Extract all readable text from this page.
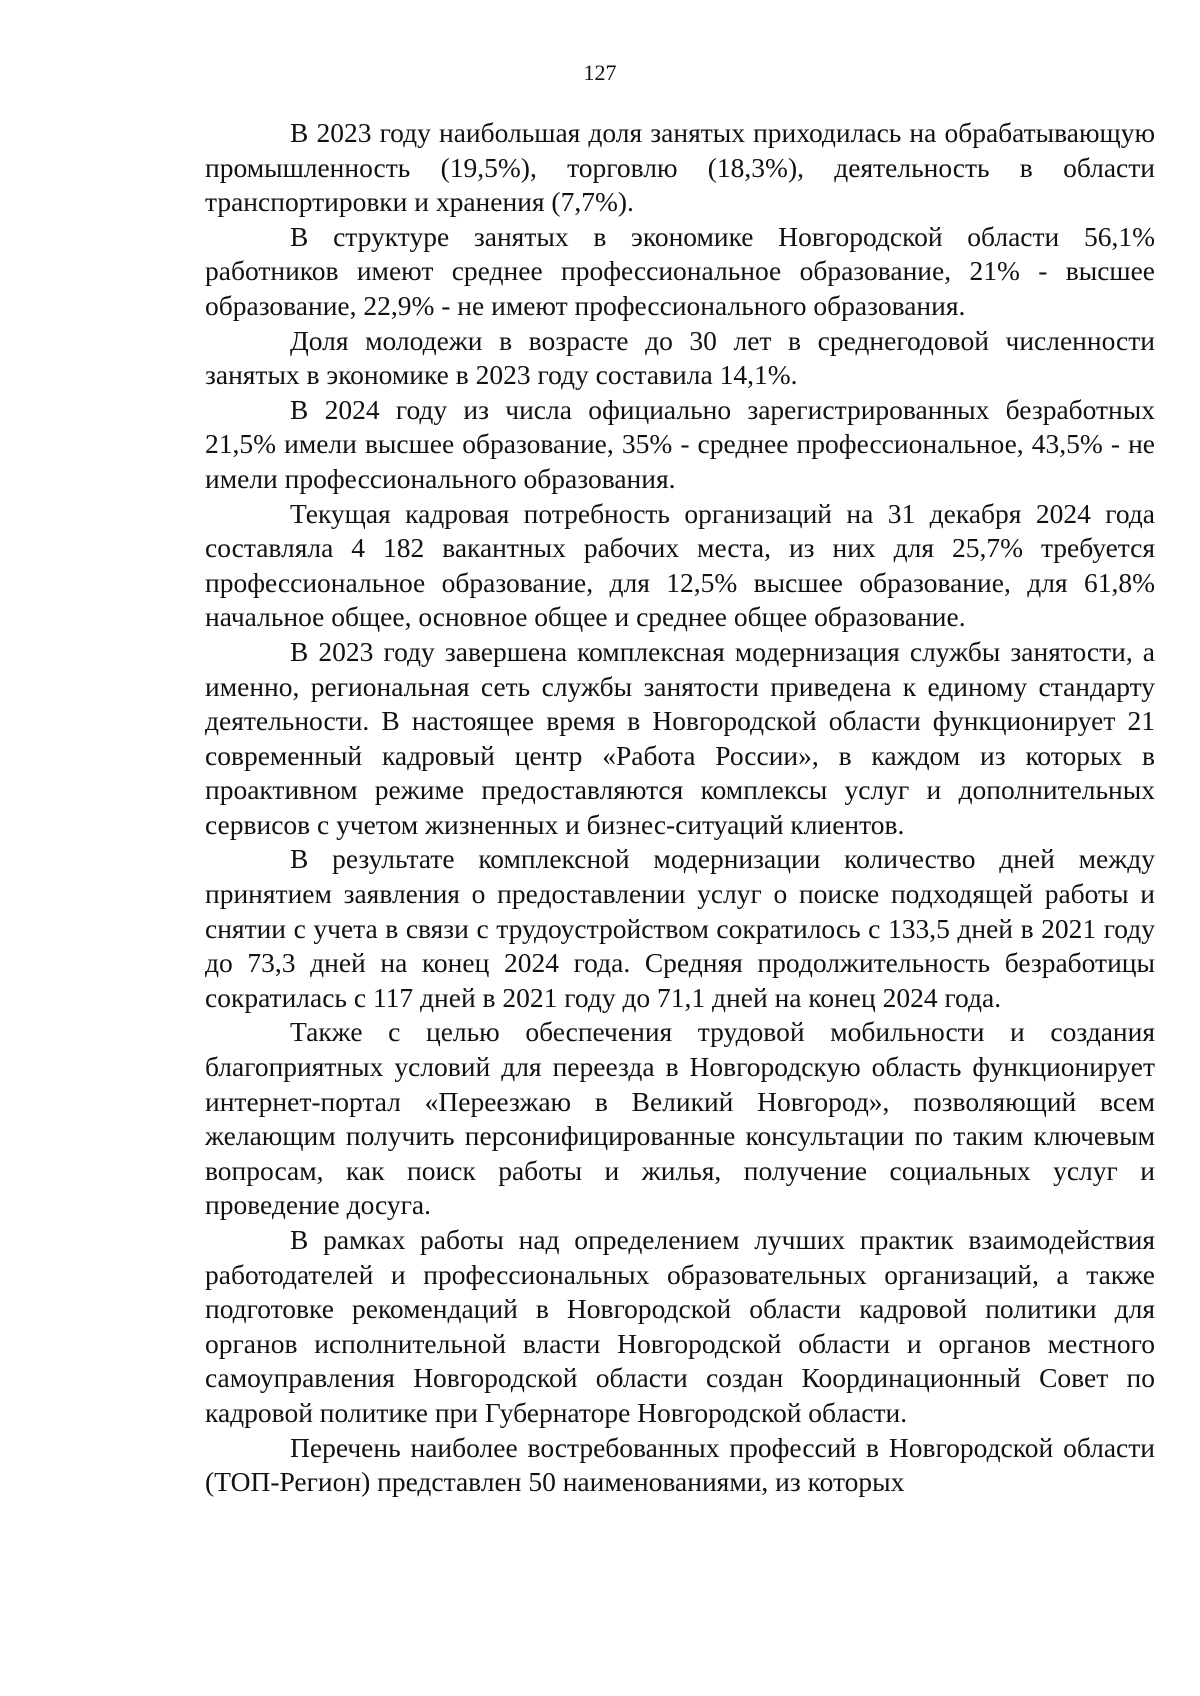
127

В 2023 году наибольшая доля занятых приходилась на обрабатывающую промышленность (19,5%), торговлю (18,3%), деятельность в области транспортировки и хранения (7,7%).

В структуре занятых в экономике Новгородской области 56,1% работников имеют среднее профессиональное образование, 21% - высшее образование, 22,9% - не имеют профессионального образования.

Доля молодежи в возрасте до 30 лет в среднегодовой численности занятых в экономике в 2023 году составила 14,1%.

В 2024 году из числа официально зарегистрированных безработных 21,5% имели высшее образование, 35% - среднее профессиональное, 43,5% - не имели профессионального образования.

Текущая кадровая потребность организаций на 31 декабря 2024 года составляла 4 182 вакантных рабочих места, из них для 25,7% требуется профессиональное образование, для 12,5% высшее образование, для 61,8% начальное общее, основное общее и среднее общее образование.

В 2023 году завершена комплексная модернизация службы занятости, а именно, региональная сеть службы занятости приведена к единому стандарту деятельности. В настоящее время в Новгородской области функционирует 21 современный кадровый центр «Работа России», в каждом из которых в проактивном режиме предоставляются комплексы услуг и дополнительных сервисов с учетом жизненных и бизнес-ситуаций клиентов.

В результате комплексной модернизации количество дней между принятием заявления о предоставлении услуг о поиске подходящей работы и снятии с учета в связи с трудоустройством сократилось с 133,5 дней в 2021 году до 73,3 дней на конец 2024 года. Средняя продолжительность безработицы сократилась с 117 дней в 2021 году до 71,1 дней на конец 2024 года.

Также с целью обеспечения трудовой мобильности и создания благоприятных условий для переезда в Новгородскую область функционирует интернет-портал «Переезжаю в Великий Новгород», позволяющий всем желающим получить персонифицированные консультации по таким ключевым вопросам, как поиск работы и жилья, получение социальных услуг и проведение досуга.

В рамках работы над определением лучших практик взаимодействия работодателей и профессиональных образовательных организаций, а также подготовке рекомендаций в Новгородской области кадровой политики для органов исполнительной власти Новгородской области и органов местного самоуправления Новгородской области создан Координационный Совет по кадровой политике при Губернаторе Новгородской области.

Перечень наиболее востребованных профессий в Новгородской области (ТОП-Регион) представлен 50 наименованиями, из которых
